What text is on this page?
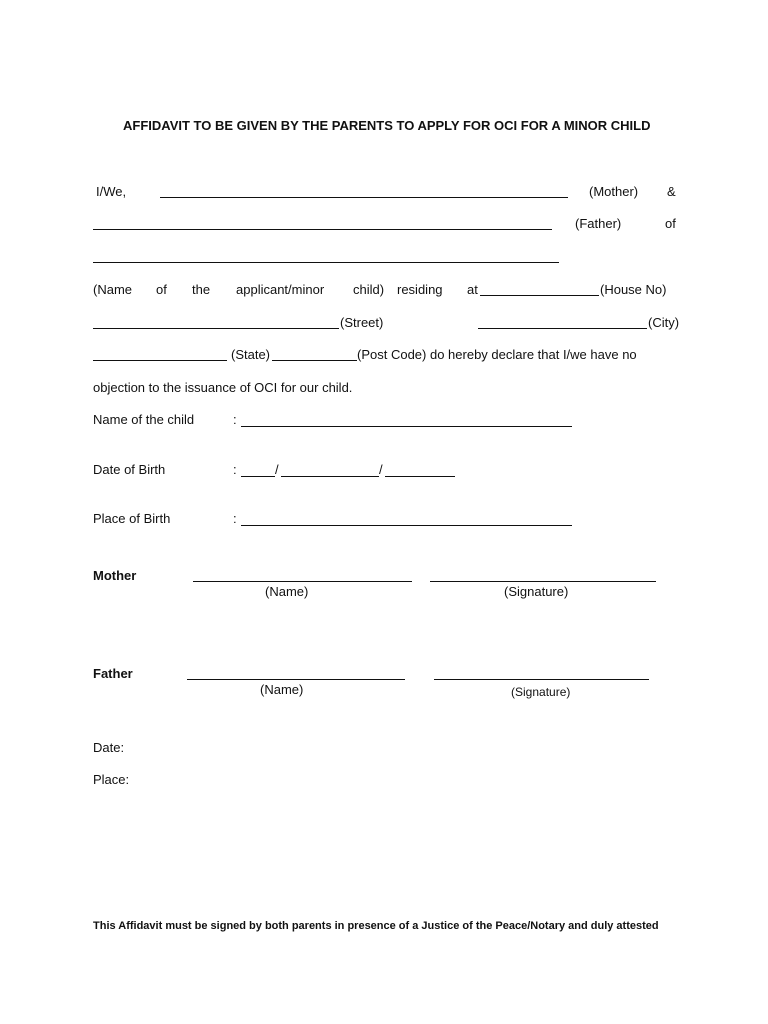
AFFIDAVIT TO BE GIVEN BY THE PARENTS TO APPLY FOR OCI FOR A MINOR CHILD
I/We,	(Mother) &
(Father)	of
(Name of the applicant/minor child) residing at	(House No)
(Street)	(City)
(State)	(Post Code) do hereby declare that I/we have no
objection to the issuance of OCI for our child.
Name of the child	:
Date of Birth	:	/	/
Place of Birth	:
Mother
(Name)	(Signature)
Father
(Name)	(Signature)
Date:
Place:
This Affidavit must be signed by both parents in presence of a Justice of the Peace/Notary and duly attested
